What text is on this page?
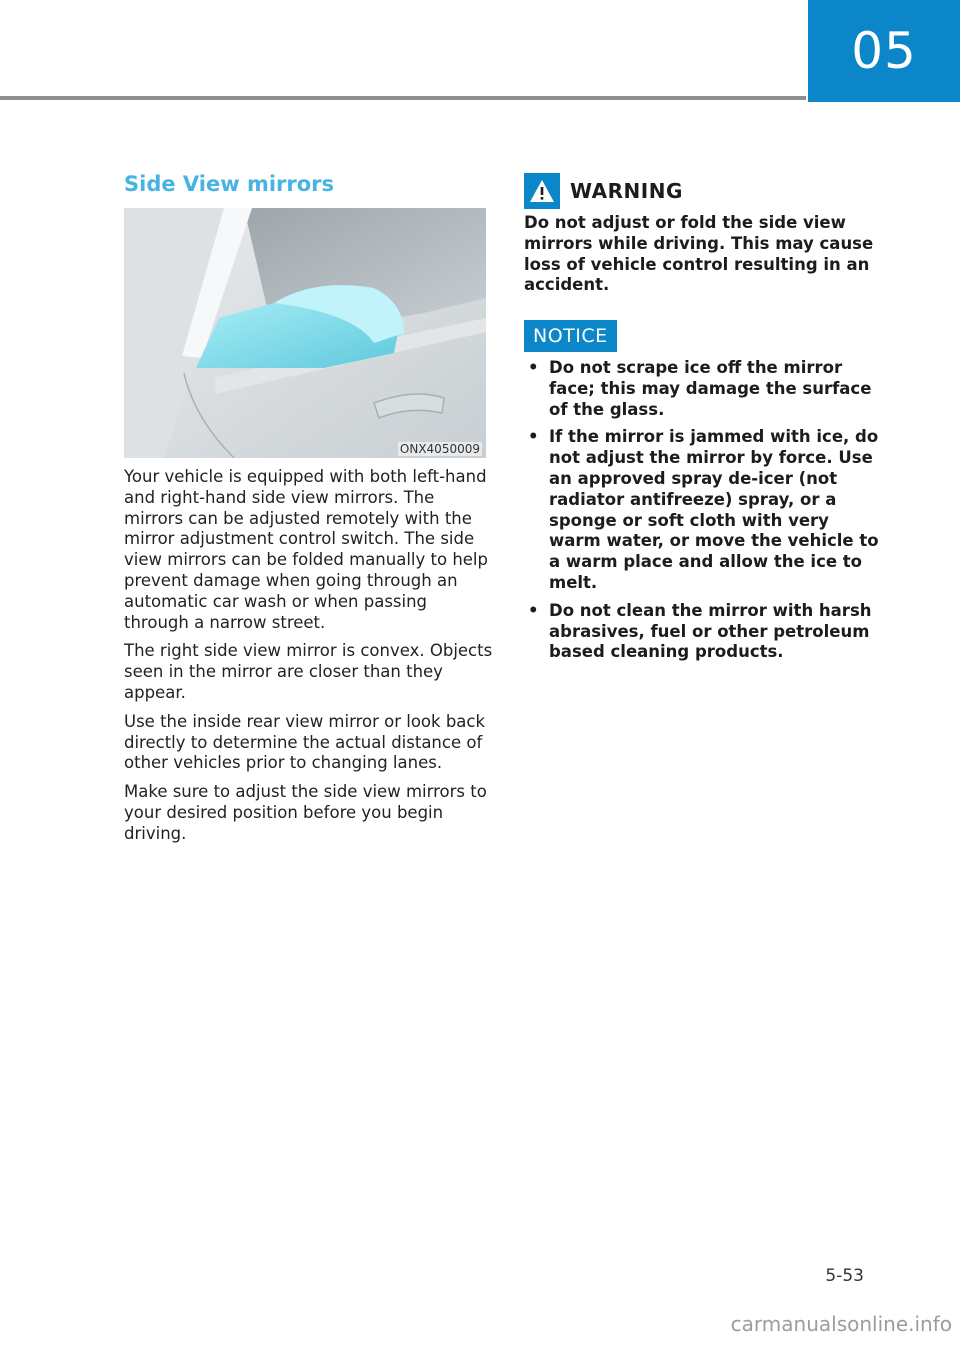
05
Side View mirrors
ONX4050009

Your vehicle is equipped with both left-hand and right-hand side view mirrors. The mirrors can be adjusted remotely with the mirror adjustment control switch. The side view mirrors can be folded manually to help prevent damage when going through an automatic car wash or when passing through a narrow street.

The right side view mirror is convex. Objects seen in the mirror are closer than they appear.

Use the inside rear view mirror or look back directly to determine the actual distance of other vehicles prior to changing lanes.

Make sure to adjust the side view mirrors to your desired position before you begin driving.

WARNING

Do not adjust or fold the side view mirrors while driving. This may cause loss of vehicle control resulting in an accident.

NOTICE
• Do not scrape ice off the mirror face; this may damage the surface of the glass.
• If the mirror is jammed with ice, do not adjust the mirror by force. Use an approved spray de-icer (not radiator antifreeze) spray, or a sponge or soft cloth with very warm water, or move the vehicle to a warm place and allow the ice to melt.
• Do not clean the mirror with harsh abrasives, fuel or other petroleum based cleaning products.
5-53
carmanualsonline.info
